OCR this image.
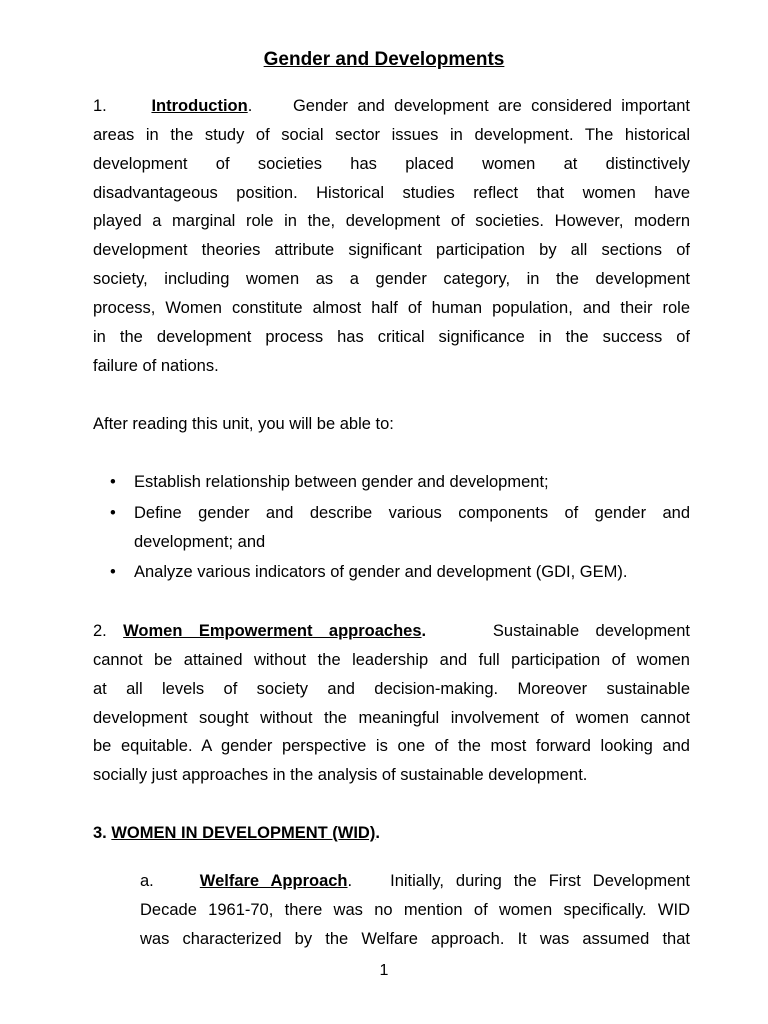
Gender and Developments
1.	Introduction.  Gender and development are considered important
areas in the study of social sector issues in development. The historical
development of societies has placed women at distinctively
disadvantageous position. Historical studies reflect that women have
played a marginal role in the, development of societies. However, modern
development theories attribute significant participation by all sections of
society, including women as a gender category, in the development
process, Women constitute almost half of human population, and their role
in the development process has critical significance in the success of
failure of nations.
After reading this unit, you will be able to:
• Establish relationship between gender and development;
• Define gender and describe various components of gender and
development; and
• Analyze various indicators of gender and development (GDI, GEM).
2. Women Empowerment approaches.	Sustainable development
cannot be attained without the leadership and full participation of women
at all levels of society and decision-making. Moreover sustainable
development sought without the meaningful involvement of women cannot
be equitable. A gender perspective is one of the most forward looking and
socially just approaches in the analysis of sustainable development.
3. WOMEN IN DEVELOPMENT (WID).
a.	Welfare Approach.  Initially, during the First Development
Decade 1961-70, there was no mention of women specifically. WID
was characterized by the Welfare approach. It was assumed that
1
